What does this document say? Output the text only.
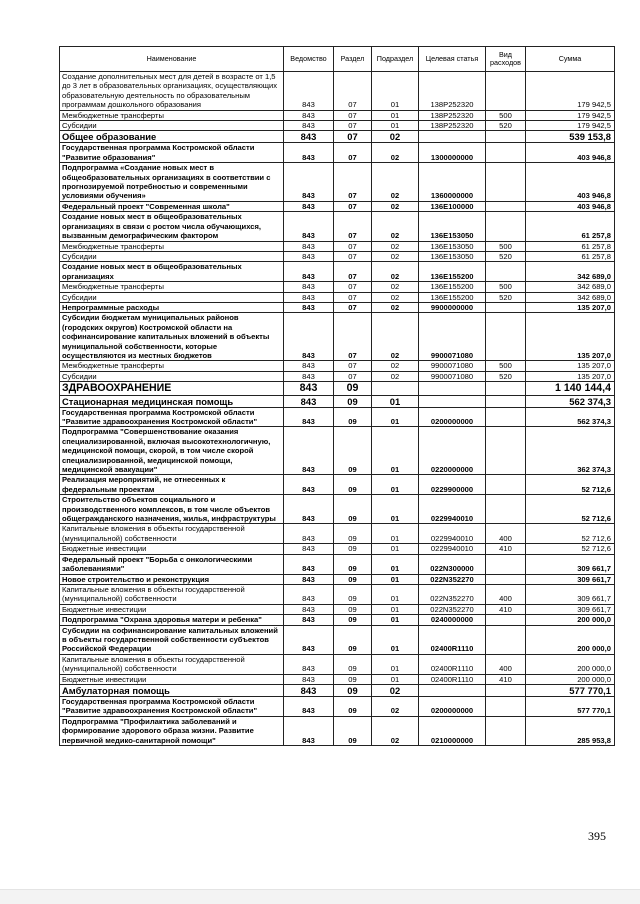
Наименование	Ведомство	Раздел	Подраздел	Целевая статья	Вид расходов	Сумма
Создание дополнительных мест для детей в возрасте от 1,5 до 3 лет в образовательных организациях, осуществляющих образовательную деятельность по образовательным программам дошкольного образования	843	07	01	138P252320		179 942,5
Межбюджетные трансферты	843	07	01	138P252320	500	179 942,5
Субсидии	843	07	01	138P252320	520	179 942,5
Общее образование	843	07	02			539 153,8
Государственная программа Костромской области "Развитие образования"	843	07	02	1300000000		403 946,8
Подпрограмма «Создание новых мест в общеобразовательных организациях в соответствии с прогнозируемой потребностью и современными условиями обучения»	843	07	02	1360000000		403 946,8
Федеральный проект "Современная школа"	843	07	02	136E100000		403 946,8
Создание новых мест в общеобразовательных организациях в связи с ростом числа обучающихся, вызванным демографическим фактором	843	07	02	136E153050		61 257,8
Межбюджетные трансферты	843	07	02	136E153050	500	61 257,8
Субсидии	843	07	02	136E153050	520	61 257,8
Создание новых мест в общеобразовательных организациях	843	07	02	136E155200		342 689,0
Межбюджетные трансферты	843	07	02	136E155200	500	342 689,0
Субсидии	843	07	02	136E155200	520	342 689,0
Непрограммные расходы	843	07	02	9900000000		135 207,0
Субсидии бюджетам муниципальных районов (городских округов) Костромской области на софинансирование капитальных вложений в объекты муниципальной собственности, которые осуществляются из местных бюджетов	843	07	02	9900071080		135 207,0
Межбюджетные трансферты	843	07	02	9900071080	500	135 207,0
Субсидии	843	07	02	9900071080	520	135 207,0
ЗДРАВООХРАНЕНИЕ	843	09				1 140 144,4
Стационарная медицинская помощь	843	09	01			562 374,3
Государственная программа Костромской области "Развитие здравоохранения Костромской области"	843	09	01	0200000000		562 374,3
Подпрограмма "Совершенствование оказания специализированной, включая высокотехнологичную, медицинской помощи, скорой, в том числе скорой специализированной, медицинской помощи, медицинской эвакуации"	843	09	01	0220000000		362 374,3
Реализация мероприятий, не отнесенных к федеральным проектам	843	09	01	0229900000		52 712,6
Строительство объектов социального и производственного комплексов, в том числе объектов общегражданского назначения, жилья, инфраструктуры	843	09	01	0229940010		52 712,6
Капитальные вложения в объекты государственной (муниципальной) собственности	843	09	01	0229940010	400	52 712,6
Бюджетные инвестиции	843	09	01	0229940010	410	52 712,6
Федеральный проект "Борьба с онкологическими заболеваниями"	843	09	01	022N300000		309 661,7
Новое строительство и реконструкция	843	09	01	022N352270		309 661,7
Капитальные вложения в объекты государственной (муниципальной) собственности	843	09	01	022N352270	400	309 661,7
Бюджетные инвестиции	843	09	01	022N352270	410	309 661,7
Подпрограмма "Охрана здоровья матери и ребенка"	843	09	01	0240000000		200 000,0
Субсидии на софинансирование капитальных вложений в объекты государственной собственности субъектов Российской Федерации	843	09	01	02400R1110		200 000,0
Капитальные вложения в объекты государственной (муниципальной) собственности	843	09	01	02400R1110	400	200 000,0
Бюджетные инвестиции	843	09	01	02400R1110	410	200 000,0
Амбулаторная помощь	843	09	02			577 770,1
Государственная программа Костромской области "Развитие здравоохранения Костромской области"	843	09	02	0200000000		577 770,1
Подпрограмма "Профилактика заболеваний и формирование здорового образа жизни. Развитие первичной медико-санитарной помощи"	843	09	02	0210000000		285 953,8
395
